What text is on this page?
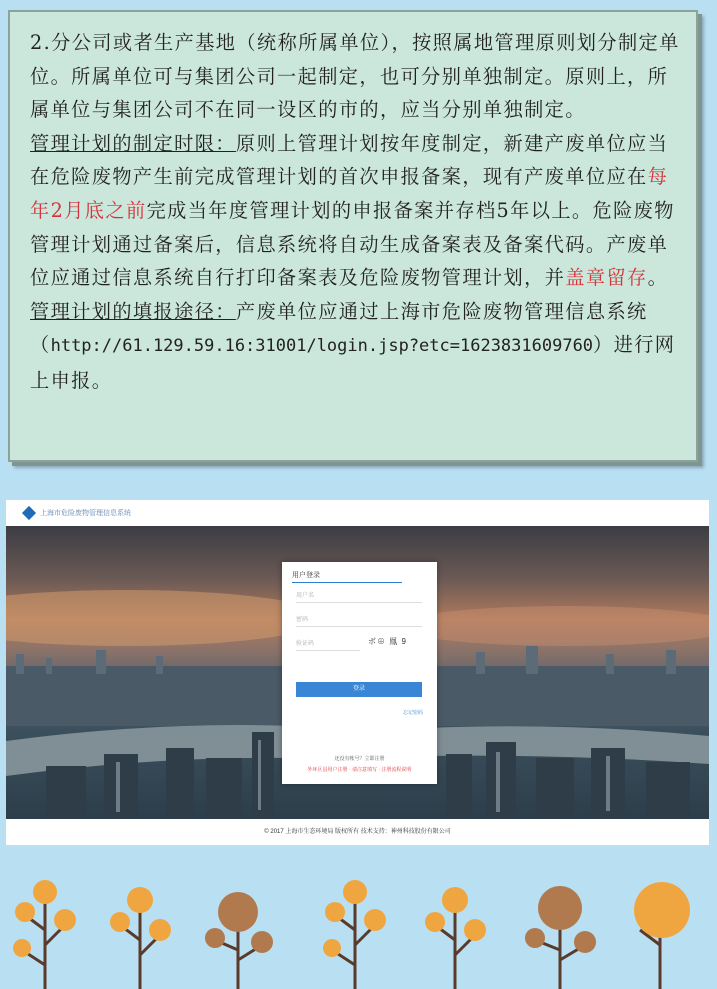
2.分公司或者生产基地（统称所属单位），按照属地管理原则划分制定单位。所属单位可与集团公司一起制定，也可分别单独制定。原则上，所属单位与集团公司不在同一设区的市的，应当分别单独制定。

管理计划的制定时限：原则上管理计划按年度制定，新建产废单位应当在危险废物产生前完成管理计划的首次申报备案，现有产废单位应在每年2月底之前完成当年度管理计划的申报备案并存档5年以上。危险废物管理计划通过备案后，信息系统将自动生成备案表及备案代码。产废单位应通过信息系统自行打印备案表及危险废物管理计划，并盖章留存。

管理计划的填报途径：产废单位应通过上海市危险废物管理信息系统（http://61.129.59.16:31001/login.jsp?etc=1623831609760）进行网上申报。

上海市危险废物管理信息系统
用户登录
用户名
密码
验证码	ボ⊕ 鳯 9
登录
忘记密码
还没有帐号？立即注册
外环区县用户注册 · 请注意填写 · 注册流程说明
© 2017 上海市生态环境局 版权所有 技术支持：神州科技股份有限公司
